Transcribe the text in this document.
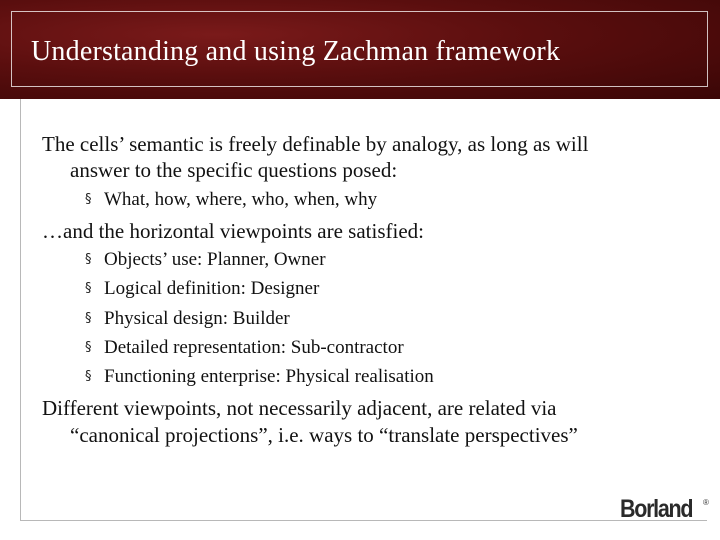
Understanding and using Zachman framework
The cells’ semantic is freely definable by analogy, as long as will
answer to the specific questions posed:
§ What, how, where, who, when, why
…and the horizontal viewpoints are satisfied:
§ Objects’ use: Planner, Owner
§ Logical definition: Designer
§ Physical design: Builder
§ Detailed representation: Sub-contractor
§ Functioning enterprise: Physical realisation
Different viewpoints, not necessarily adjacent, are related via
“canonical projections”, i.e. ways to “translate perspectives”
Borland ®
